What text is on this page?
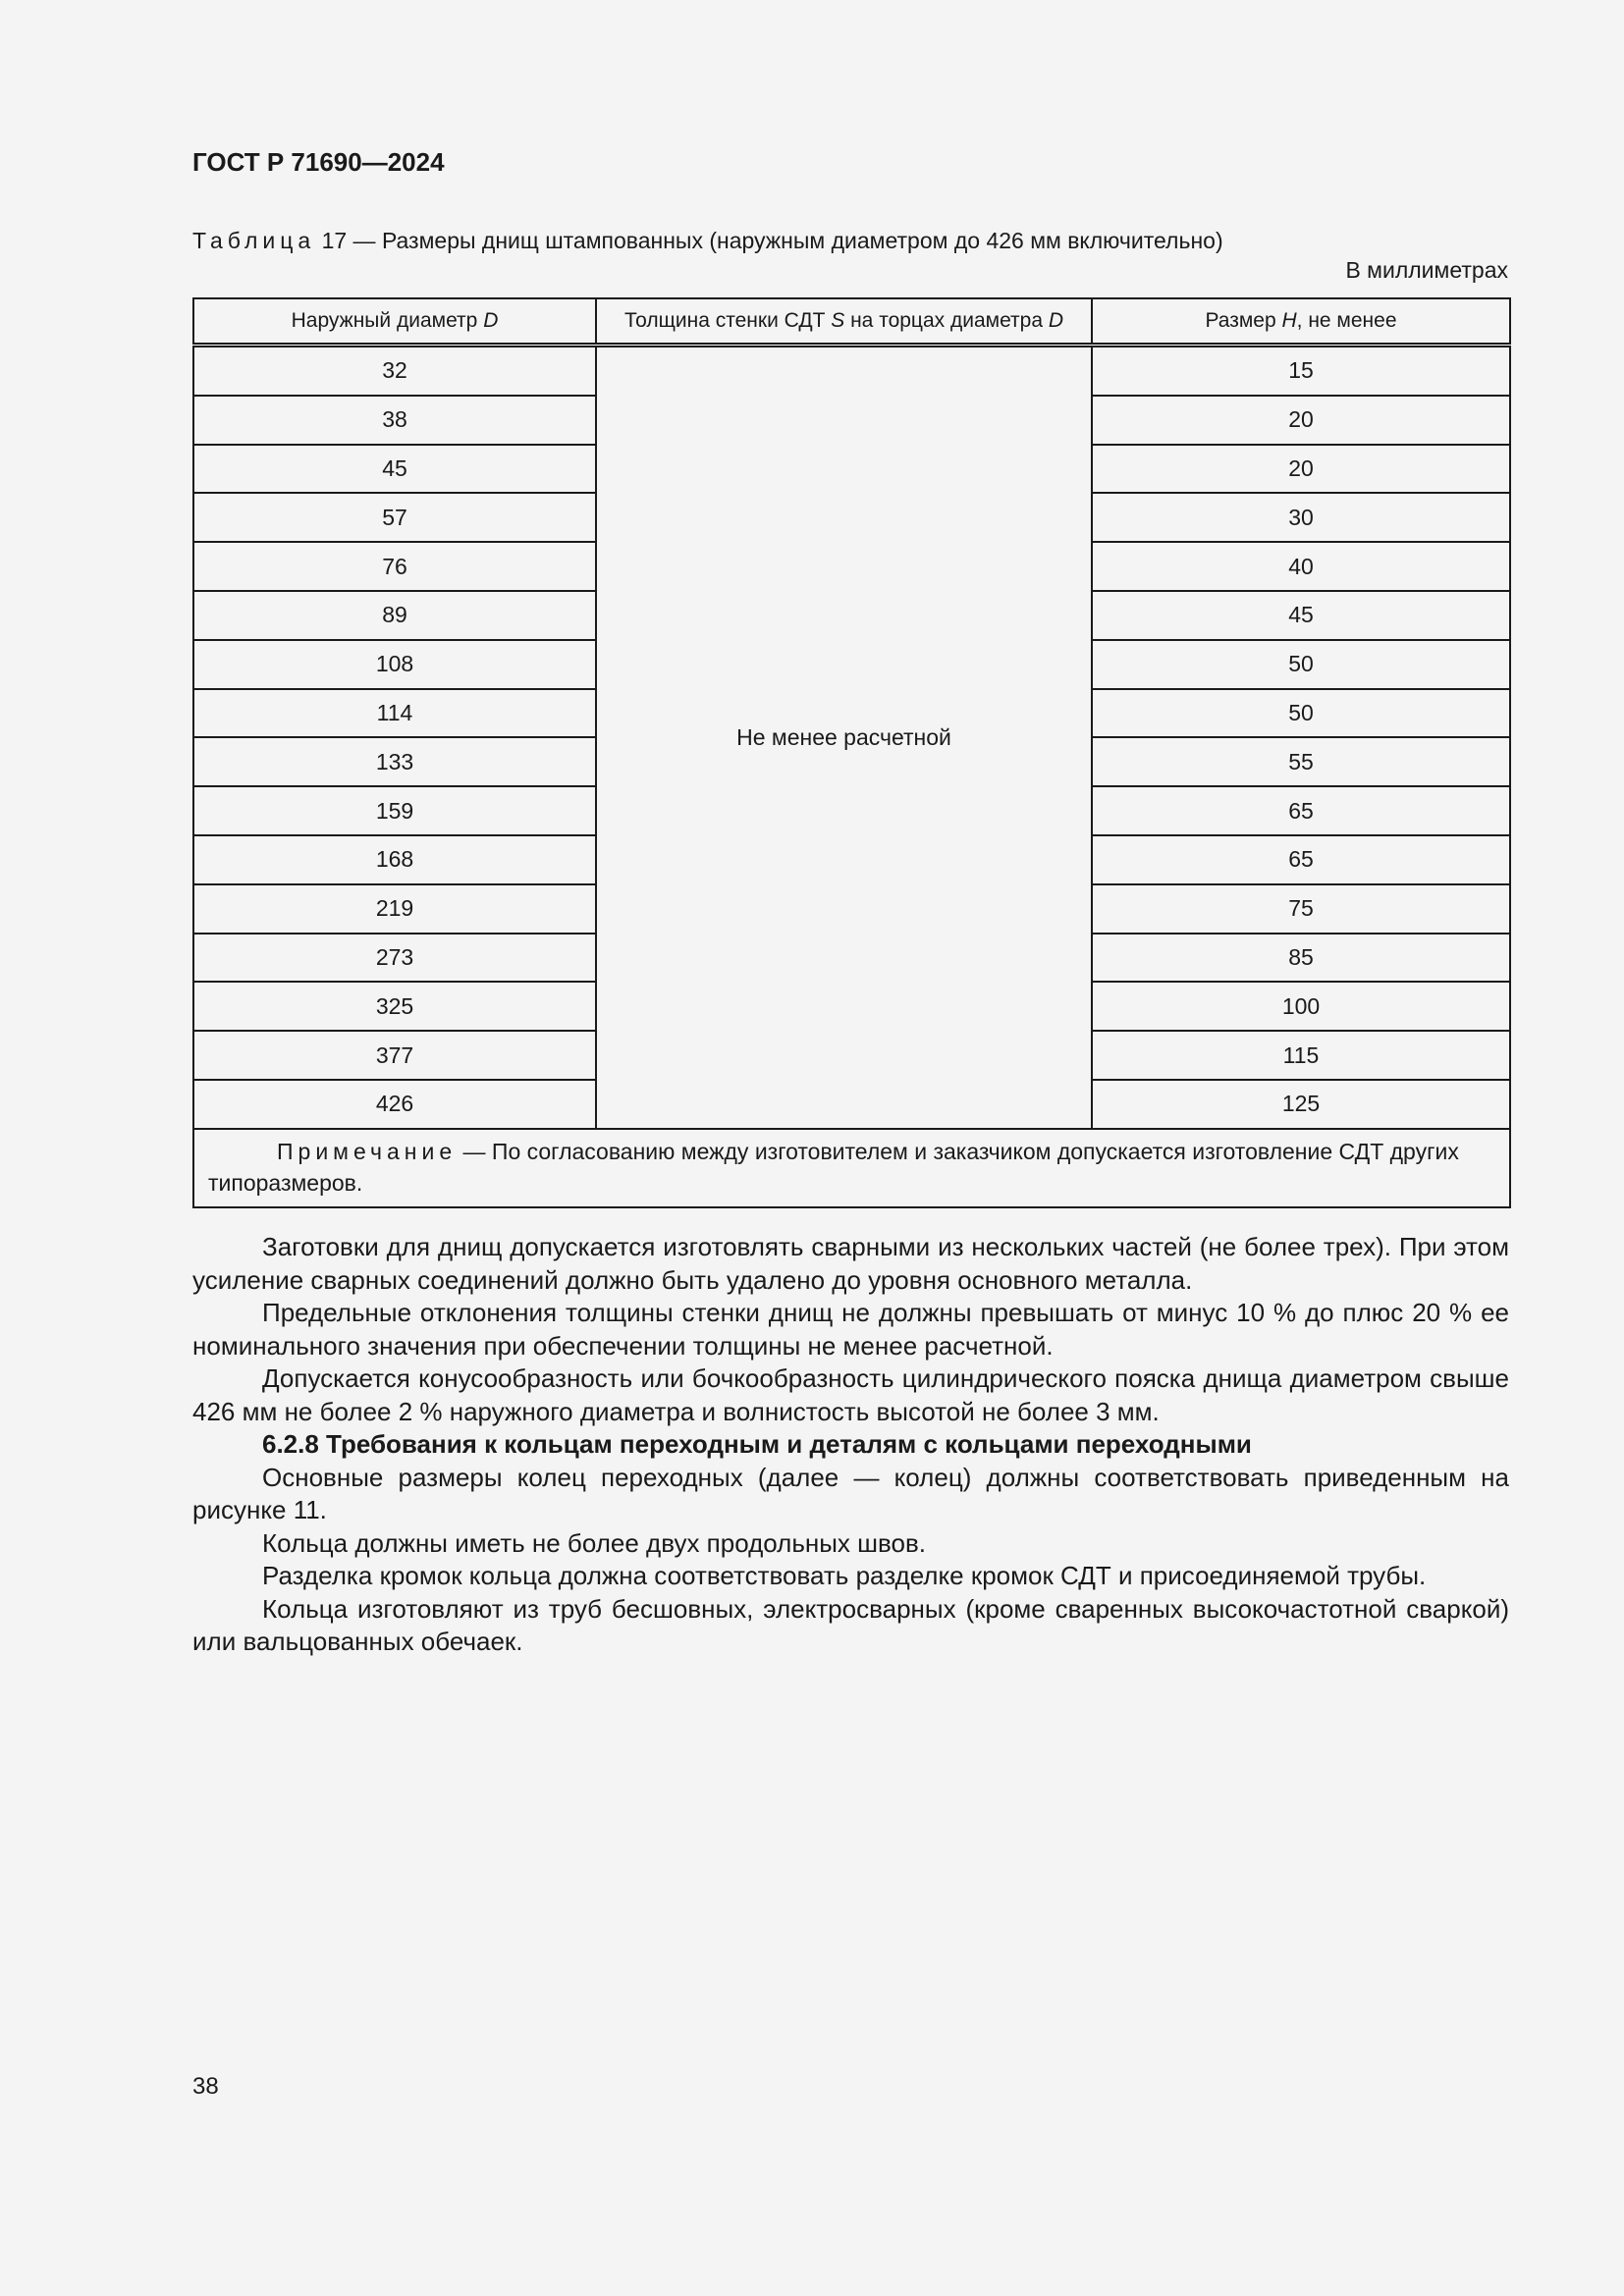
ГОСТ Р 71690—2024
Таблица 17 — Размеры днищ штампованных (наружным диаметром до 426 мм включительно)
В миллиметрах
Наружный диаметр D	Толщина стенки СДТ S на торцах диаметра D	Размер H, не менее
32	Не менее расчетной	15
38		20
45		20
57		30
76		40
89		45
108		50
114		50
133		55
159		65
168		65
219		75
273		85
325		100
377		115
426		125

Примечание — По согласованию между изготовителем и заказчиком допускается изготовление СДТ других типоразмеров.		

Заготовки для днищ допускается изготовлять сварными из нескольких частей (не более трех). При этом усиление сварных соединений должно быть удалено до уровня основного металла.

Предельные отклонения толщины стенки днищ не должны превышать от минус 10 % до плюс 20 % ее номинального значения при обеспечении толщины не менее расчетной.

Допускается конусообразность или бочкообразность цилиндрического пояска днища диаметром свыше 426 мм не более 2 % наружного диаметра и волнистость высотой не более 3 мм.

6.2.8 Требования к кольцам переходным и деталям с кольцами переходными

Основные размеры колец переходных (далее — колец) должны соответствовать приведенным на рисунке 11.

Кольца должны иметь не более двух продольных швов.

Разделка кромок кольца должна соответствовать разделке кромок СДТ и присоединяемой трубы.

Кольца изготовляют из труб бесшовных, электросварных (кроме сваренных высокочастотной сваркой) или вальцованных обечаек.

38
